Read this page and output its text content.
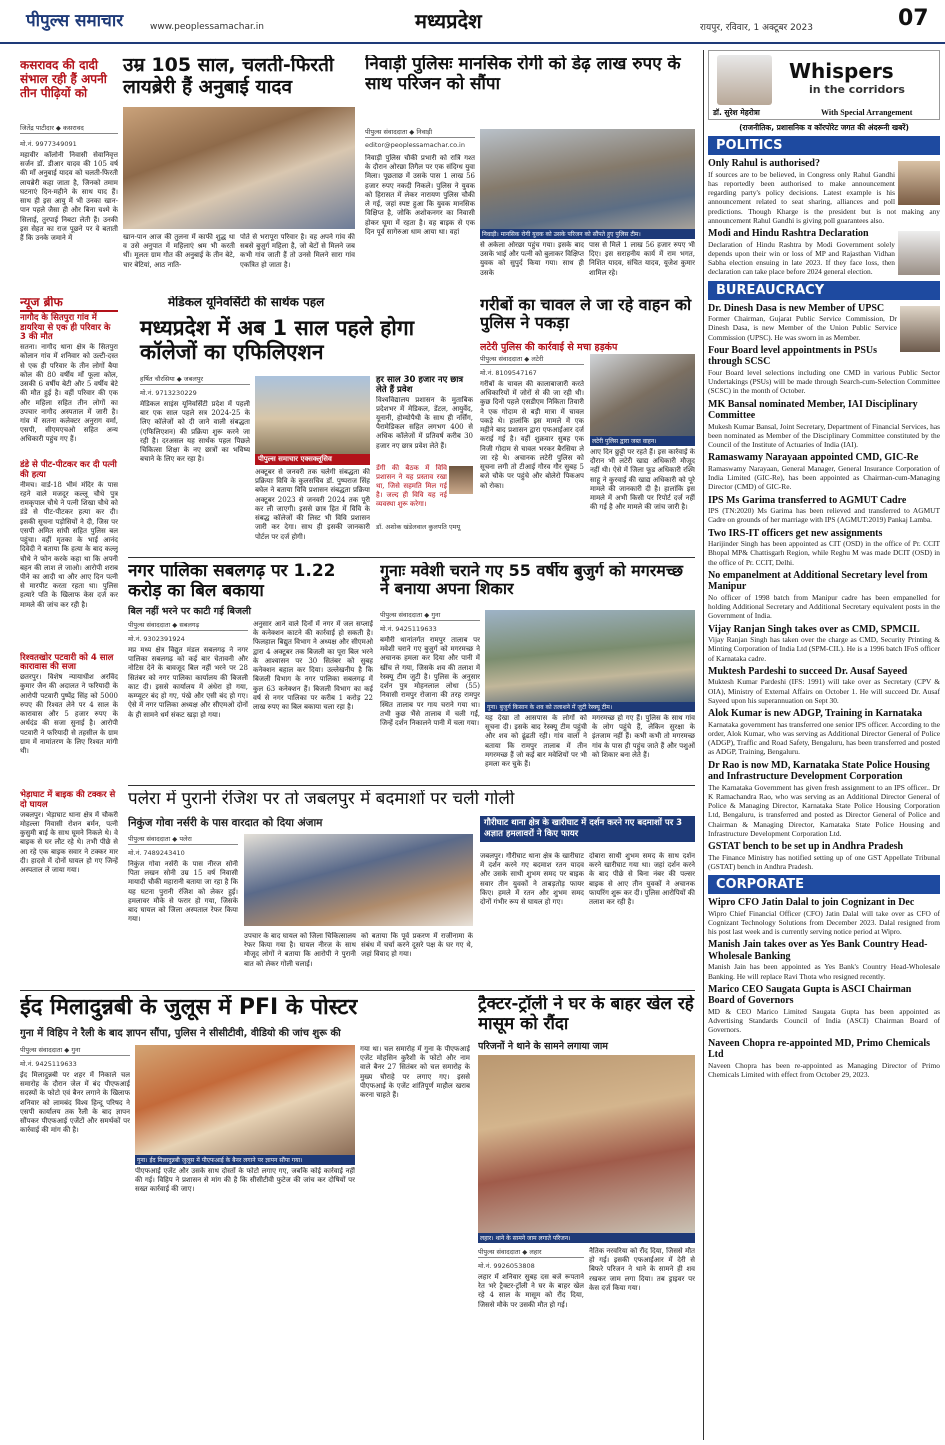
पीपुल्स समाचार	www.peoplessamachar.in	मध्यप्रदेश	रायपुर, रविवार, 1 अक्टूबर 2023	07
कसरावद की दादी संभाल रही हैं अपनी तीन पीढ़ियों को
उम्र 105 साल, चलती-फिरती लायब्रेरी हैं अनुबाई यादव
जितेंद्र पाटीदार ◆ कसरावद
मो.नं. 9977349091
महावीर कॉलोनी निवासी सेवानिवृत्त सर्जन डॉ. डीआर यादव की 105 वर्ष की माँ अनुबाई यादव को चलती-फिरती लायब्रेरी कहा जाता है, जिनको तमाम घटनाएं दिन-महीने के साथ याद हैं। साथ ही इस आयु में भी उनका खान-पान पहले जैसा ही और बिना चश्मे के सिलाई, तुरपाई निबटा लेती हैं। उनकी इस सेहत का राज पूछने पर वे बताती हैं कि उनके जमाने में	खान-पान आज की तुलना में काफी शुद्ध था व उसे अनुपात में महिलाएं श्रम भी करती थीं। मूलतः ग्राम गौत की अनुबाई के तीन बेटे, चार बेटियां, आठ नाति-
पोते से भरापूरा परिवार है। वह अपने गांव की सबसे बुजुर्ग महिला है, जो बेटों से मिलने जब कभी गांव जाती हैं तो उनसे मिलने सारा गांव एकत्रित हो जाता है।
निवाड़ी पुलिसः मानसिक रोगी को डेढ़ लाख रुपए के साथ परिजन को सौंपा
पीपुल्स संवाददाता ◆ निवाड़ी
editor@peoplessamachar.co.in
निवाड़ी पुलिस चौकी प्रभारी को रात्रि गश्त के दौरान ओरछा तिगैल पर एक संदिग्ध युवा मिला। पूछताछ में उसके पास 1 लाख 56 हजार रुपए नकदी निकले। पुलिस ने युवक को हिरासत में लेकर नारायण पुलिस चौकी ले गई, जहां स्पष्ट हुआ कि युवक मानसिक विक्षिप्त है, जोकि अशोकनगर का निवासी होकर घूमा में रहता है। वह बाइक से एक दिन पूर्व सागेरुआ धाम आया था। वहां	निवाड़ी। मानसिक रोगी युवक को उसके परिजन को सौंपते हुए पुलिस टीम।
से अकेला ओरछा पहुंच गया। इसके बाद उसके भाई और पत्नी को बुलाकर विक्षिप्त युवक को सुपुर्द किया गया। साथ ही उसके
पास से मिले 1 लाख 56 हजार रुपए भी दिए। इस सराहनीय कार्य में राम भगत, निशित यादव, संचित यादव, यूजेश कुमार शामिल रहे।
न्यूज ब्रीफ
नागौद के सितपुरा गांव में डायरिया से एक ही परिवार के 3 की मौत
सतना। नागौद थाना क्षेत्र के सितपुरा कोलान गांव में शनिवार को उल्टी-दस्त से एक ही परिवार के तीन लोगों बैया कोल की 80 वर्षीय माँ फूला कोल, उसकी 6 वर्षीय बेटी और 5 वर्षीय बेटे की मौत हुई है। वहीं परिवार की एक और महिला सहित तीन लोगों का उपचार नागौद अस्पताल में जारी है। गांव में सतना कलेक्टर अनुराग वर्मा, एसपी, सीएमएचओ सहित अन्य अधिकारी पहुंच गए हैं।
डंडे से पीट-पीटकर कर दी पत्नी की हत्या
नीमच। वार्ड-18 भीमं मंदिर के पास रहने वाले मजदूर कल्लू चौथे पुत्र रामकृपाल चौथे ने पत्नी शिखा चौथे को डंडे से पीट-पीटकर हत्या कर दी। इसकी सूचना पड़ोसियों ने दी, जिस पर एसपी अमित सांघी सहित पुलिस बल पहुंचा। वहीं मृतका के भाई आनंद दिवेदी ने बताया कि हत्या के बाद कल्लू चौथे ने फोन करके कहा था कि अपनी बहन की लाश ले जाओ। आरोपी शराब पीने का आदी था और आए दिन पत्नी से मारपीट करता रहता था। पुलिस हत्यारे पति के खिलाफ केस दर्ज कर मामले की जांच कर रही है।
रिश्वतखोर पटवारी को 4 साल कारावास की सजा
छतरपुर। विशेष न्यायाधीश अरविंद कुमार जैन की अदालत ने फरियादी के आरोपी पटवारी पुष्पेंद्र सिंह को 5000 रुपए की रिश्वत लेने पर 4 साल के कारावास और 5 हजार रुपए के अर्थदंड की सजा सुनाई है। आरोपी पटवारी ने फरियादी से तहसील के ग्राम ग्राम में नामांतरण के लिए रिश्वत मांगी थी।
भेड़ाघाट में बाइक की टक्कर से दो घायल
जबलपुर। भेड़ाघाट थाना क्षेत्र में चौकरी मोहल्ला निवासी रोशन बर्मन, पत्नी कुसुमी बाई के साथ घूमने निकले थे। वे बाइक से घर लौट रहे थे। तभी पीछे से आ रहे एक बाइक सवार ने टक्कर मार दी। हादसे में दोनों घायल हो गए जिन्हें अस्पताल ले जाया गया।
मेडिकल यूनिवर्सिटी की सार्थक पहल
मध्यप्रदेश में अब 1 साल पहले होगा कॉलेजों का एफिलिएशन
हर्षित चौरसिया ◆ जबलपुर
मो.नं. 9713230229
मेडिकल साइंस यूनिवर्सिटी प्रदेश में पहली बार एक साल पहले सत्र 2024-25 के लिए कॉलेजों को दी जाने वाली संबद्धता (एफिलिएशन) की प्रक्रिया शुरू करने जा रही है। दरअसल यह सार्थक पहल पिछले चिकित्सा शिक्षा के नए छात्रों का भविष्य बचाने के लिए कर रहा है।	पीपुल्स समाचार एक्सक्लूसिव
अक्टूबर से जनवरी तक चलेगी संबद्धता की प्रक्रियाः विवि के कुलसचिव डॉ. पुष्पराज सिंह बघेल ने बताया विवि प्रशासन संबद्धता प्रक्रिया अक्टूबर 2023 से जनवरी 2024 तक पूरी कर ली जाएगी। इससे छात्र हित में विवि के संबद्ध कॉलेजों की लिस्ट भी विवि प्रशासन जारी कर देगा। साथ ही इसकी जानकारी पोर्टल पर दर्ज होगी।
हर साल 30 हजार नए छात्र लेते हैं प्रवेश
विश्वविद्यालय प्रशासन के मुताबिक प्रदेशभर में मेडिकल, डेंटल, आयुर्वेद, यूनानी, होम्योपैथी के साथ ही नर्सिंग, पैरामेडिकल सहित लगभग 400 से अधिक कॉलेजों में प्रतिवर्ष करीब 30 हजार नए छात्र प्रवेश लेते हैं।
डेंगी की बैठक में विवि प्रशासन ने यह प्रस्ताव रखा था, जिसे सहमति मिल गई है। जल्द ही विवि यह नई व्यवस्था शुरू करेगा।
डॉ. अशोक खंडेलवाल कुलपति एमयू
गरीबों का चावल ले जा रहे वाहन को पुलिस ने पकड़ा
लटेरी पुलिस की कार्रवाई से मचा हड़कंप
पीपुल्स संवाददाता ◆ लटेरी
मो.नं. 8109547167
लटेरी पुलिस द्वारा जब्त वाहन।
गरीबों के चावल की कालाबाजारी करते अधिकारियों में जोरों से की जा रही थी। कुछ दिनों पहले एसडीएम निकिता तिवारी ने एक गोदाम से बड़ी मात्रा में चावल पकड़े थे। हालांकि इस मामले में एक महीने बाद प्रशासन द्वारा एफआईआर दर्ज कराई गई है। वहीं शुक्रवार सुबह एक निजी गोदाम से चावल भरकर बैरसिया ले जा रहे थे। अचानक लटेरी पुलिस को सूचना लगी तो टीआई गौरव गौर सुबह 5 बजे चौके पर पहुंचे और बोलेरो पिकअप को रोका।
आए दिन छुट्टी पर रहते हैं। इस कार्रवाई के दौरान भी लटेरी खाद्य अधिकारी मौजूद नहीं थी। ऐसे में जिला फूड अधिकारी रश्मि साहू ने कुरवाई की खाद्य अधिकारी को पूरे मामले की जानकारी दी है। हालांकि इस मामले में अभी किसी पर रिपोर्ट दर्ज नहीं की गई है और मामले की जांच जारी है।
नगर पालिका सबलगढ़ पर 1.22 करोड़ का बिल बकाया
बिल नहीं भरने पर काटी गई बिजली
पीपुल्स संवाददाता ◆ सबलगढ़
मो.नं. 9302391924
मप्र मध्य क्षेत्र विद्युत मंडल सबलगढ़ ने नगर पालिका सबलगढ़ को कई बार चेतावनी और नोटिस देने के बावजूद बिल नहीं भरने पर 28 सितंबर को नगर पालिका कार्यालय की बिजली काट दी। इससे कार्यालय में अंधेरा हो गया, कम्प्यूटर बंद हो गए, पंखे और एसी बंद हो गए। ऐसे में नगर पालिका अध्यक्ष और सीएमओ दोनों के ही सामने धर्म संकट खड़ा हो गया।
अनुसार आने वाले दिनों में नगर में जल सप्लाई के कनेक्शन काटने की कार्रवाई हो सकती है। फिलहाल बिद्युत विभाग ने अध्यक्ष और सीएमओ द्वारा 4 अक्टूबर तक बिजली का पूरा बिल भरने के आश्वासन पर 30 सितंबर को सुबह कनेक्शन बहाल कर दिया। उल्लेखनीय है कि बिजली विभाग के नगर पालिका सबलगढ़ में कुल 63 कनेक्शन हैं। बिजली विभाग का कई वर्ष से नगर पालिका पर करीब 1 करोड़ 22 लाख रुपए का बिल बकाया चला रहा है।
गुनाः मवेशी चराने गए 55 वर्षीय बुजुर्ग को मगरमच्छ ने बनाया अपना शिकार
पीपुल्स संवाददाता ◆ गुना
मो.नं. 9425119633
बमौरी थानांतर्गत रामपुर तालाब पर मवेशी चराने गए बुजुर्ग को मगरमच्छ ने अचानक हमला कर दिया और पानी में खींच ले गया, जिसके शव की तलाश में रेस्क्यू टीम जुटी है। पुलिस के अनुसार दर्शन पुत्र मोहनलाल लोधा (55) निवासी रामपुर रोजाना की तरह रामपुर स्थित तालाब पर गाय चराने गया था। तभी कुछ भैंसे तालाब में चली गईं, जिन्हें दर्शन निकालने पानी में चला गया।
गुना। बुजुर्ग किसान के शव को तलाशने में जुटी रेस्क्यू टीम।
यह देखा तो आसपास के लोगों को सूचना दी। इसके बाद रेस्क्यू टीम पहुंची और शव को ढूंढती रही। गांव वालों ने बताया कि रामपुर तालाब में तीन मगरमच्छ हैं जो कई बार मवेशियों पर भी हमला कर चुके हैं।
मगरमच्छ हो गए हैं। पुलिस के साथ गांव के लोग पहुंचे हैं, लेकिन सुरक्षा के इंतजाम नहीं हैं। कभी कभी तो मगरमच्छ गांव के पास ही पहुंच जाते हैं और पशुओं को शिकार बना लेते हैं।
पलेरा में पुरानी रंजिश पर तो जबलपुर में बदमाशों पर चली गोली
निकुंज गोवा नर्सरी के पास वारदात को दिया अंजाम
पीपुल्स संवाददाता ◆ पलेरा
मो.नं. 7489243410
निकुंज गोवा नर्सरी के पास नीरज सोनी पिता लखन सोनी उम्र 15 वर्ष निवासी मायादी चौकी महारानी बताया जा रहा है कि यह घटना पुरानी रंजिश को लेकर हुई। हमलावर मौके से फरार हो गया, जिसके बाद घायल को जिला अस्पताल रेफर किया गया।
उपचार के बाद घायल को जिला चिकित्सालय रेफर किया गया है। घायल नीरज के साथ मौजूद लोगों ने बताया कि आरोपी ने पुरानी बात को लेकर गोली चलाई।
को बताया कि पूर्व प्रकरण में राजीनामा के संबंध में चर्चा करने दूसरे पक्ष के घर गए थे, जहां विवाद हो गया।
गौरीघाट थाना क्षेत्र के खारीघाट में दर्शन करने गए बदमाशों पर 3 अज्ञात हमलावरों ने किए फायर
जबलपुर। गौरीघाट थाना क्षेत्र के खारीघाट में दर्शन करने गए बदमाश रतन यादव और उसके साथी शुभम समद पर बाइक सवार तीन युवकों ने ताबड़तोड़ फायर किए। हमले में रतन और शुभम समद दोनों गंभीर रूप से घायल हो गए।
दोबारा साथी शुभम समद के साथ दर्शन करने खारीघाट गया था। जहां दर्शन करने के बाद पीछे से बिना नंबर की पल्सर बाइक से आए तीन युवकों ने अचानक फायरिंग शुरू कर दी। पुलिस आरोपियों की तलाश कर रही है।
ईद मिलादुन्नबी के जुलूस में PFI के पोस्टर
गुना में विहिप ने रैली के बाद ज्ञापन सौंपा, पुलिस ने सीसीटीवी, वीडियो की जांच शुरू की
पीपुल्स संवाददाता ◆ गुना
मो.नं. 9425119633
ईद मिलादुन्नबी पर शहर में निकाले चल समारोह के दौरान जेल में बंद पीएफआई सदस्यों के फोटो एवं बैनर लगाने के खिलाफ शनिवार को लामबंद विश्व हिन्दू परिषद ने एसपी कार्यालय तक रैली के बाद ज्ञापन सौंपकर पीएफआई एजेंटों और समर्थकों पर कार्रवाई की मांग की है।
गुना। ईद मिलादुन्नबी जुलूस में पीएफआई के बैनर लगाने पर ज्ञापन सौंपा गया।
गया था। चल समारोह में गुना के पीएफआई एजेंट मोहसिन कुरैशी के फोटो और नाम वाले बैनर 27 सितंबर को चल समारोह के मुख्य चौराहे पर लगाए गए। इससे पीएफआई के एजेंट शांतिपूर्ण माहौल खराब करना चाहते हैं।
पीएफआई एजेंट और उसके साथ दोस्तों के फोटो लगाए गए, जबकि कोई कार्रवाई नहीं की गई। विहिप ने प्रशासन से मांग की है कि सीसीटीवी फुटेज की जांच कर दोषियों पर सख्त कार्रवाई की जाए।
ट्रैक्टर-ट्रॉली ने घर के बाहर खेल रहे मासूम को रौंदा
परिजनों ने थाने के सामने लगाया जाम
लहार। थाने के सामने जाम लगाते परिजन।
पीपुल्स संवाददाता ◆ लहार
मो.नं. 9926053808
लहार में शनिवार सुबह दस बजे रूपताने रेत भरे ट्रैक्टर-ट्रॉली ने घर के बाहर खेल रहे 4 साल के मासूम को रौंद दिया, जिससे मौके पर उसकी मौत हो गई।
नैतिक नरवरिया को रौंद दिया, जिससे मौत हो गई। इसकी एफआईआर में देरी से बिफरे परिजन ने थाने के सामने ही शव रखकर जाम लगा दिया। तब ड्राइवर पर केस दर्ज किया गया।
Whispers
in the corridors
डॉ. सुरेश मेहरोत्रा	With Special Arrangement
(राजनीतिक, प्रशासनिक व कॉरपोरेट जगत की अंदरूनी खबरें)
POLITICS
Only Rahul is authorised?

If sources are to be believed, in Congress only Rahul Gandhi has reportedly been authorised to make announcement regarding party's policy decisions. Latest example is his announcement related to seat sharing, alliances and poll predictions. Though Kharge is the president but is not making any announcement Rahul Gandhi is giving poll guarantees also.

Modi and Hindu Rashtra Declaration

Declaration of Hindu Rashtra by Modi Government solely depends upon their win or loss of MP and Rajasthan Vidhan Sabha election ensuing in late 2023. If they face loss, then declaration can take place before 2024 general election.

BUREAUCRACY
Dr. Dinesh Dasa is new Member of UPSC

Former Chairman, Gujarat Public Service Commission, Dr Dinesh Dasa, is new Member of the Union Public Service Commission (UPSC). He was sworn in as Member.

Four Board level appointments in PSUs through SCSC

Four Board level selections including one CMD in various Public Sector Undertakings (PSUs) will be made through Search-cum-Selection Committee (SCSC) in the month of October.

MK Bansal nominated Member, IAI Disciplinary Committee

Mukesh Kumar Bansal, Joint Secretary, Department of Financial Services, has been nominated as Member of the Disciplinary Committee constituted by the Council of the Institute of Actuaries of India (IAI).

Ramaswamy Narayaan appointed CMD, GIC-Re

Ramaswamy Narayaan, General Manager, General Insurance Corporation of India Limited (GIC-Re), has been appointed as Chairman-cum-Managing Director (CMD) of GIC-Re.

IPS Ms Garima transferred to AGMUT Cadre

IPS (TN:2020) Ms Garima has been relieved and transferred to AGMUT Cadre on grounds of her marriage with IPS (AGMUT:2019) Pankaj Lamba.

Two IRS-IT officers get new assignments

Harijinder Singh has been appointed as CIT (OSD) in the office of Pr. CCIT Bhopal MP& Chattisgarh Region, while Reghu M was made DCIT (OSD) in the office of Pr. CCIT, Delhi.

No empanelment at Additional Secretary level from Manipur

No officer of 1998 batch from Manipur cadre has been empanelled for holding Additional Secretary and Additional Secretary equivalent posts in the Government of India.

Vijay Ranjan Singh takes over as CMD, SPMCIL

Vijay Ranjan Singh has taken over the charge as CMD, Security Printing & Minting Corporation of India Ltd (SPM-CIL). He is a 1996 batch IFoS officer of Karnataka cadre.

Muktesh Pardeshi to succeed Dr. Ausaf Sayeed

Muktesh Kumar Pardeshi (IFS: 1991) will take over as Secretary (CPV & OIA), Ministry of External Affairs on October 1. He will succeed Dr. Ausaf Sayeed upon his superannuation on Sept 30.

Alok Kumar is new ADGP, Training in Karnataka

Karnataka government has transferred one senior IPS officer. According to the order, Alok Kumar, who was serving as Additional Director General of Police (ADGP), Traffic and Road Safety, Bengaluru, has been transferred and posted as ADGP, Training, Bengaluru.

Dr Rao is now MD, Karnataka State Police Housing and Infrastructure Development Corporation

The Karnataka Government has given fresh assignment to an IPS officer.. Dr K Ramachandra Rao, who was serving as an Additional Director General of Police & Managing Director, Karnataka State Police Housing Corporation Ltd, Bengaluru, is transferred and posted as Director General of Police and Chairman & Managing Director, Karnataka State Police Housing and Infrastructure Development Corporation Ltd.

GSTAT bench to be set up in Andhra Pradesh

The Finance Ministry has notified setting up of one GST Appellate Tribunal (GSTAT) bench in Andhra Pradesh.

CORPORATE
Wipro CFO Jatin Dalal to join Cognizant in Dec

Wipro Chief Financial Officer (CFO) Jatin Dalal will take over as CFO of Cognizant Technology Solutions from December 2023. Dalal resigned from his post last week and is currently serving notice period at Wipro.

Manish Jain takes over as Yes Bank Country Head-Wholesale Banking

Manish Jain has been appointed as Yes Bank's Country Head-Wholesale Banking. He will replace Ravi Thota who resigned recently.

Marico CEO Saugata Gupta is ASCI Chairman Board of Governors

MD & CEO Marico Limited Saugata Gupta has been appointed as Advertising Standards Council of India (ASCI) Chairman Board of Governors.

Naveen Chopra re-appointed MD, Primo Chemicals Ltd

Naveen Chopra has been re-appointed as Managing Director of Primo Chemicals Limited with effect from October 29, 2023.
